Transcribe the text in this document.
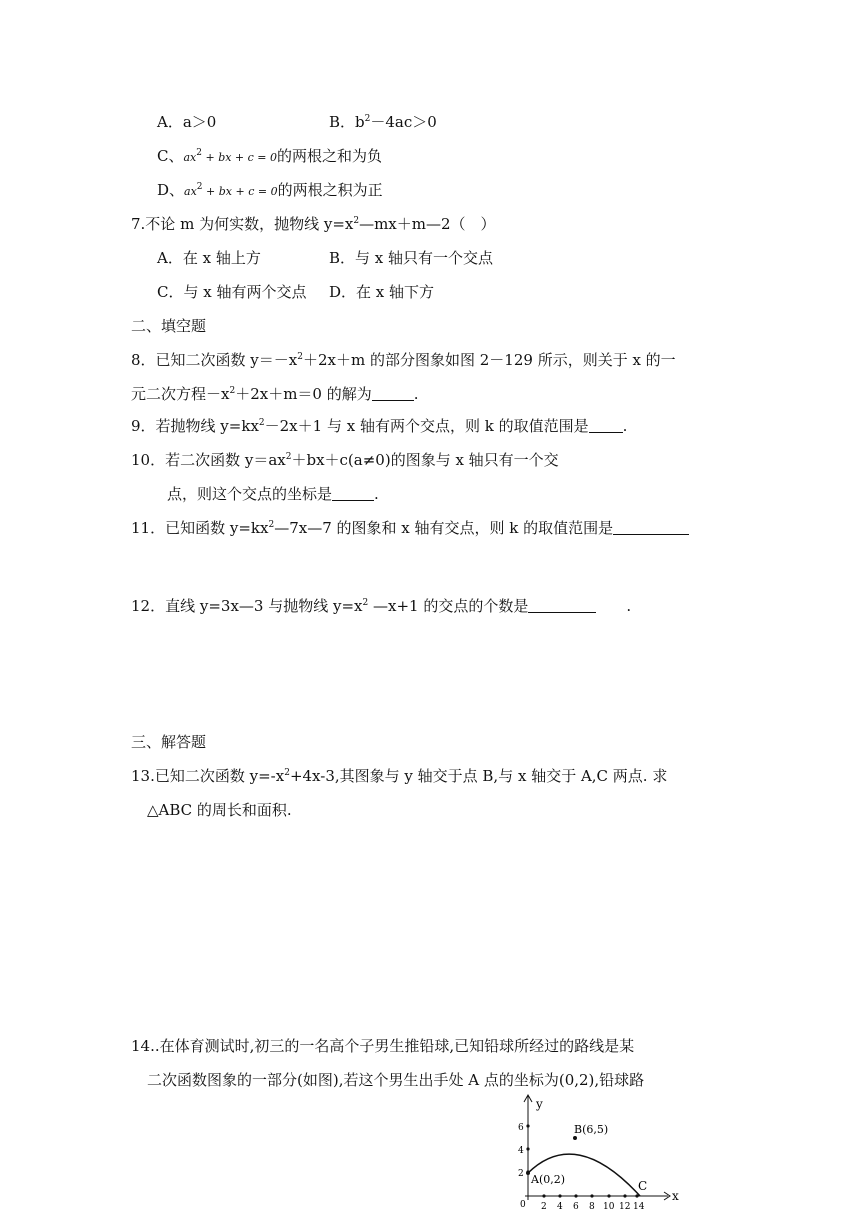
A．a＞0	B．$b^2-4ac>0$
C、$ax^2$ + bx + c = 0的两根之和为负
D、$ax^2$ + bx + c = 0的两根之积为正
7.不论 m 为何实数，抛物线 $y=x^2—mx+m—2$（　）
A．在 x 轴上方	B．与 x 轴只有一个交点
C．与 x 轴有两个交点 D．在 x 轴下方
二、填空题
8．已知二次函数 $y=-x^2+2x+m$ 的部分图象如图 2－129 所示，则关于 x 的一
元二次方程$-x^2+2x+m=0$ 的解为	.
9．若抛物线 $y=kx^2-2x+1$ 与 x 轴有两个交点，则 k 的取值范围是 .
10．若二次函数 $y=ax^2+bx+c(a\ne 0)$的图象与 x 轴只有一个交
点，则这个交点的坐标是	.
11．已知函数 $y=kx^2—7x—7$ 的图象和 x 轴有交点，则 k 的取值范围是
12．直线 y=3x—3 与抛物线 $y=x^2$ —x+1 的交点的个数是	.
三、解答题
13.已知二次函数 $y=-x^2+4x-3$,其图象与 y 轴交于点 B,与 x 轴交于 A,C 两点. 求
△ABC 的周长和面积.
14..在体育测试时,初三的一名高个子男生推铅球,已知铅球所经过的路线是某
二次函数图象的一部分(如图),若这个男生出手处 A 点的坐标为(0,2),铅球路
y
x
0
2
4
6
2 4 6 8 10 12 14
A(0,2)
B(6,5)
C
